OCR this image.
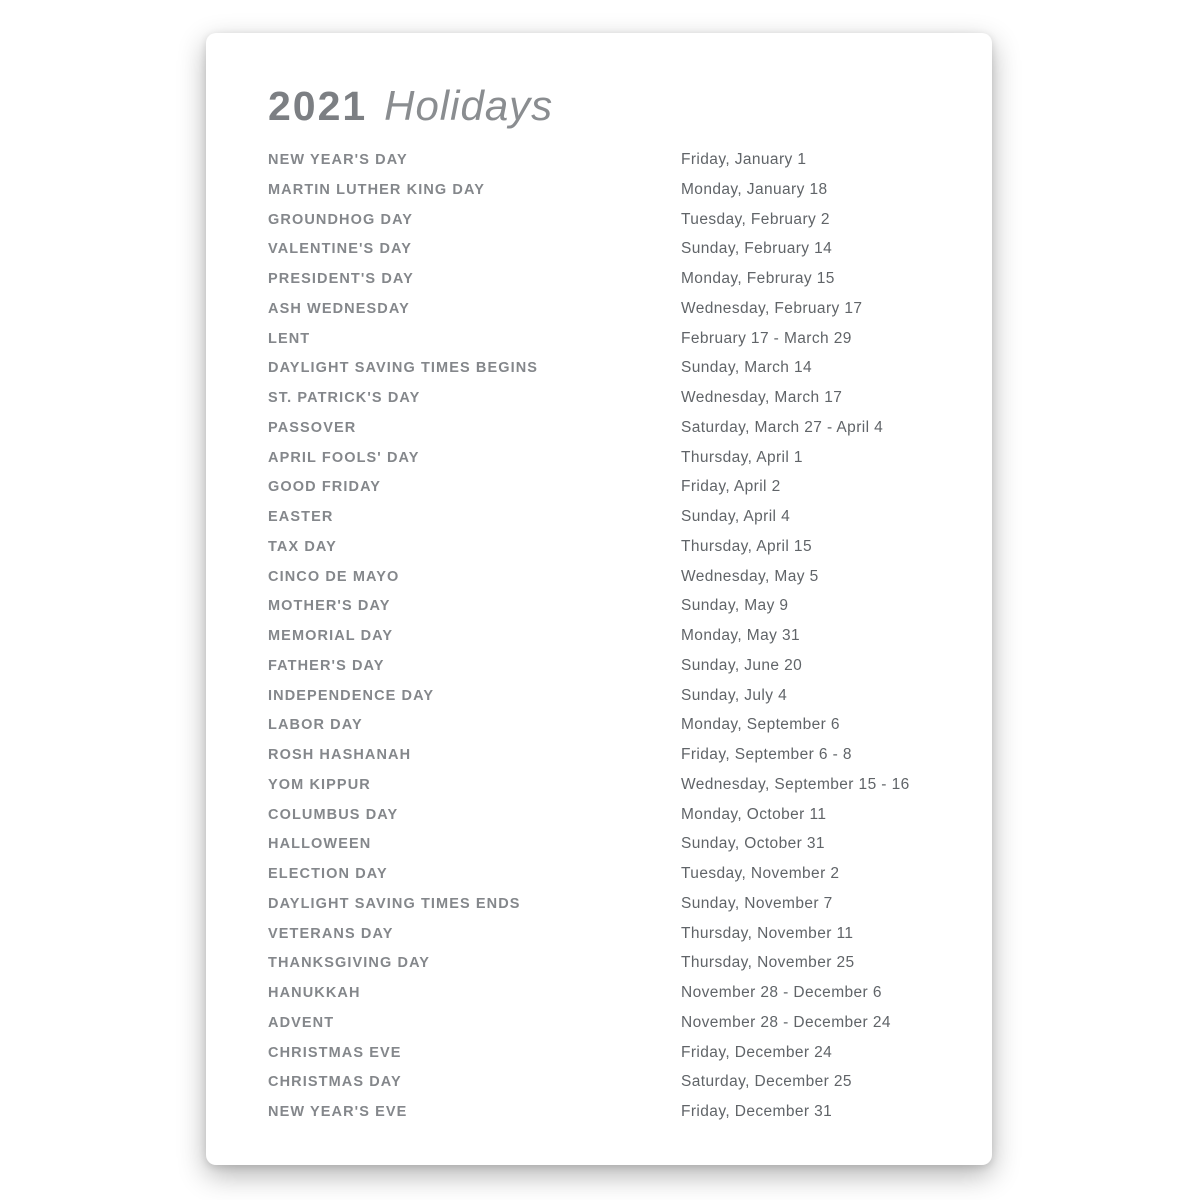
2021 Holidays
NEW YEAR'S DAY	Friday, January 1
MARTIN LUTHER KING DAY	Monday, January 18
GROUNDHOG DAY	Tuesday, February 2
VALENTINE'S DAY	Sunday, February 14
PRESIDENT'S DAY	Monday, Februray 15
ASH WEDNESDAY	Wednesday, February 17
LENT	February 17 - March 29
DAYLIGHT SAVING TIMES BEGINS	Sunday, March 14
ST. PATRICK'S DAY	Wednesday, March 17
PASSOVER	Saturday, March 27 - April 4
APRIL FOOLS' DAY	Thursday, April 1
GOOD FRIDAY	Friday, April 2
EASTER	Sunday, April 4
TAX DAY	Thursday, April 15
CINCO DE MAYO	Wednesday, May 5
MOTHER'S DAY	Sunday, May 9
MEMORIAL DAY	Monday, May 31
FATHER'S DAY	Sunday, June 20
INDEPENDENCE DAY	Sunday, July 4
LABOR DAY	Monday, September 6
ROSH HASHANAH	Friday, September 6 - 8
YOM KIPPUR	Wednesday, September 15 - 16
COLUMBUS DAY	Monday, October 11
HALLOWEEN	Sunday, October 31
ELECTION DAY	Tuesday, November 2
DAYLIGHT SAVING TIMES ENDS	Sunday, November 7
VETERANS DAY	Thursday, November 11
THANKSGIVING DAY	Thursday, November 25
HANUKKAH	November 28 - December 6
ADVENT	November 28 - December 24
CHRISTMAS EVE	Friday, December 24
CHRISTMAS DAY	Saturday, December 25
NEW YEAR'S EVE	Friday, December 31
